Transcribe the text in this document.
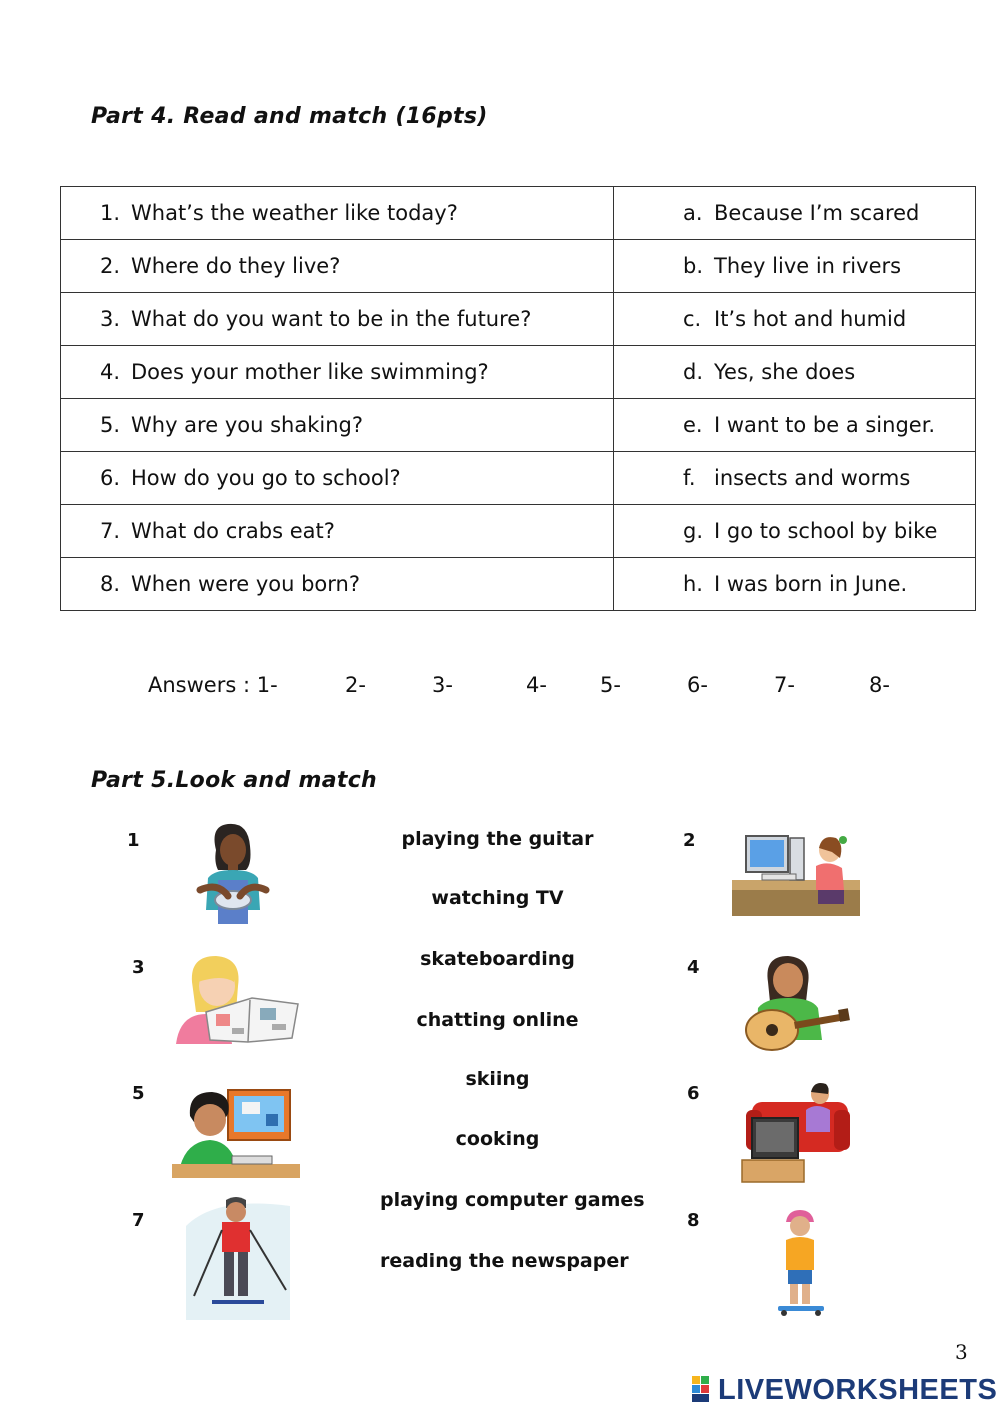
Part 4. Read and match (16pts)
1. What’s the weather like today?	a. Because I’m scared
2. Where do they live?	b. They live in rivers
3. What do you want to be in the future?	c. It’s hot and humid
4. Does your mother like swimming?	d. Yes, she does
5. Why are you shaking?	e. I want to be a singer.
6. How do you go to school?	f. insects and worms
7. What do crabs eat?	g. I go to school by bike
8. When were you born?	h. I was born in June.
Answers : 1-	2-	3-	4-	5-	6-	7-	8-
Part 5.Look and match
1	2
3	4
5	6
7	8
playing the guitar
watching TV
skateboarding
chatting online
skiing
cooking
playing computer games
reading the newspaper
3
LIVEWORKSHEETS
